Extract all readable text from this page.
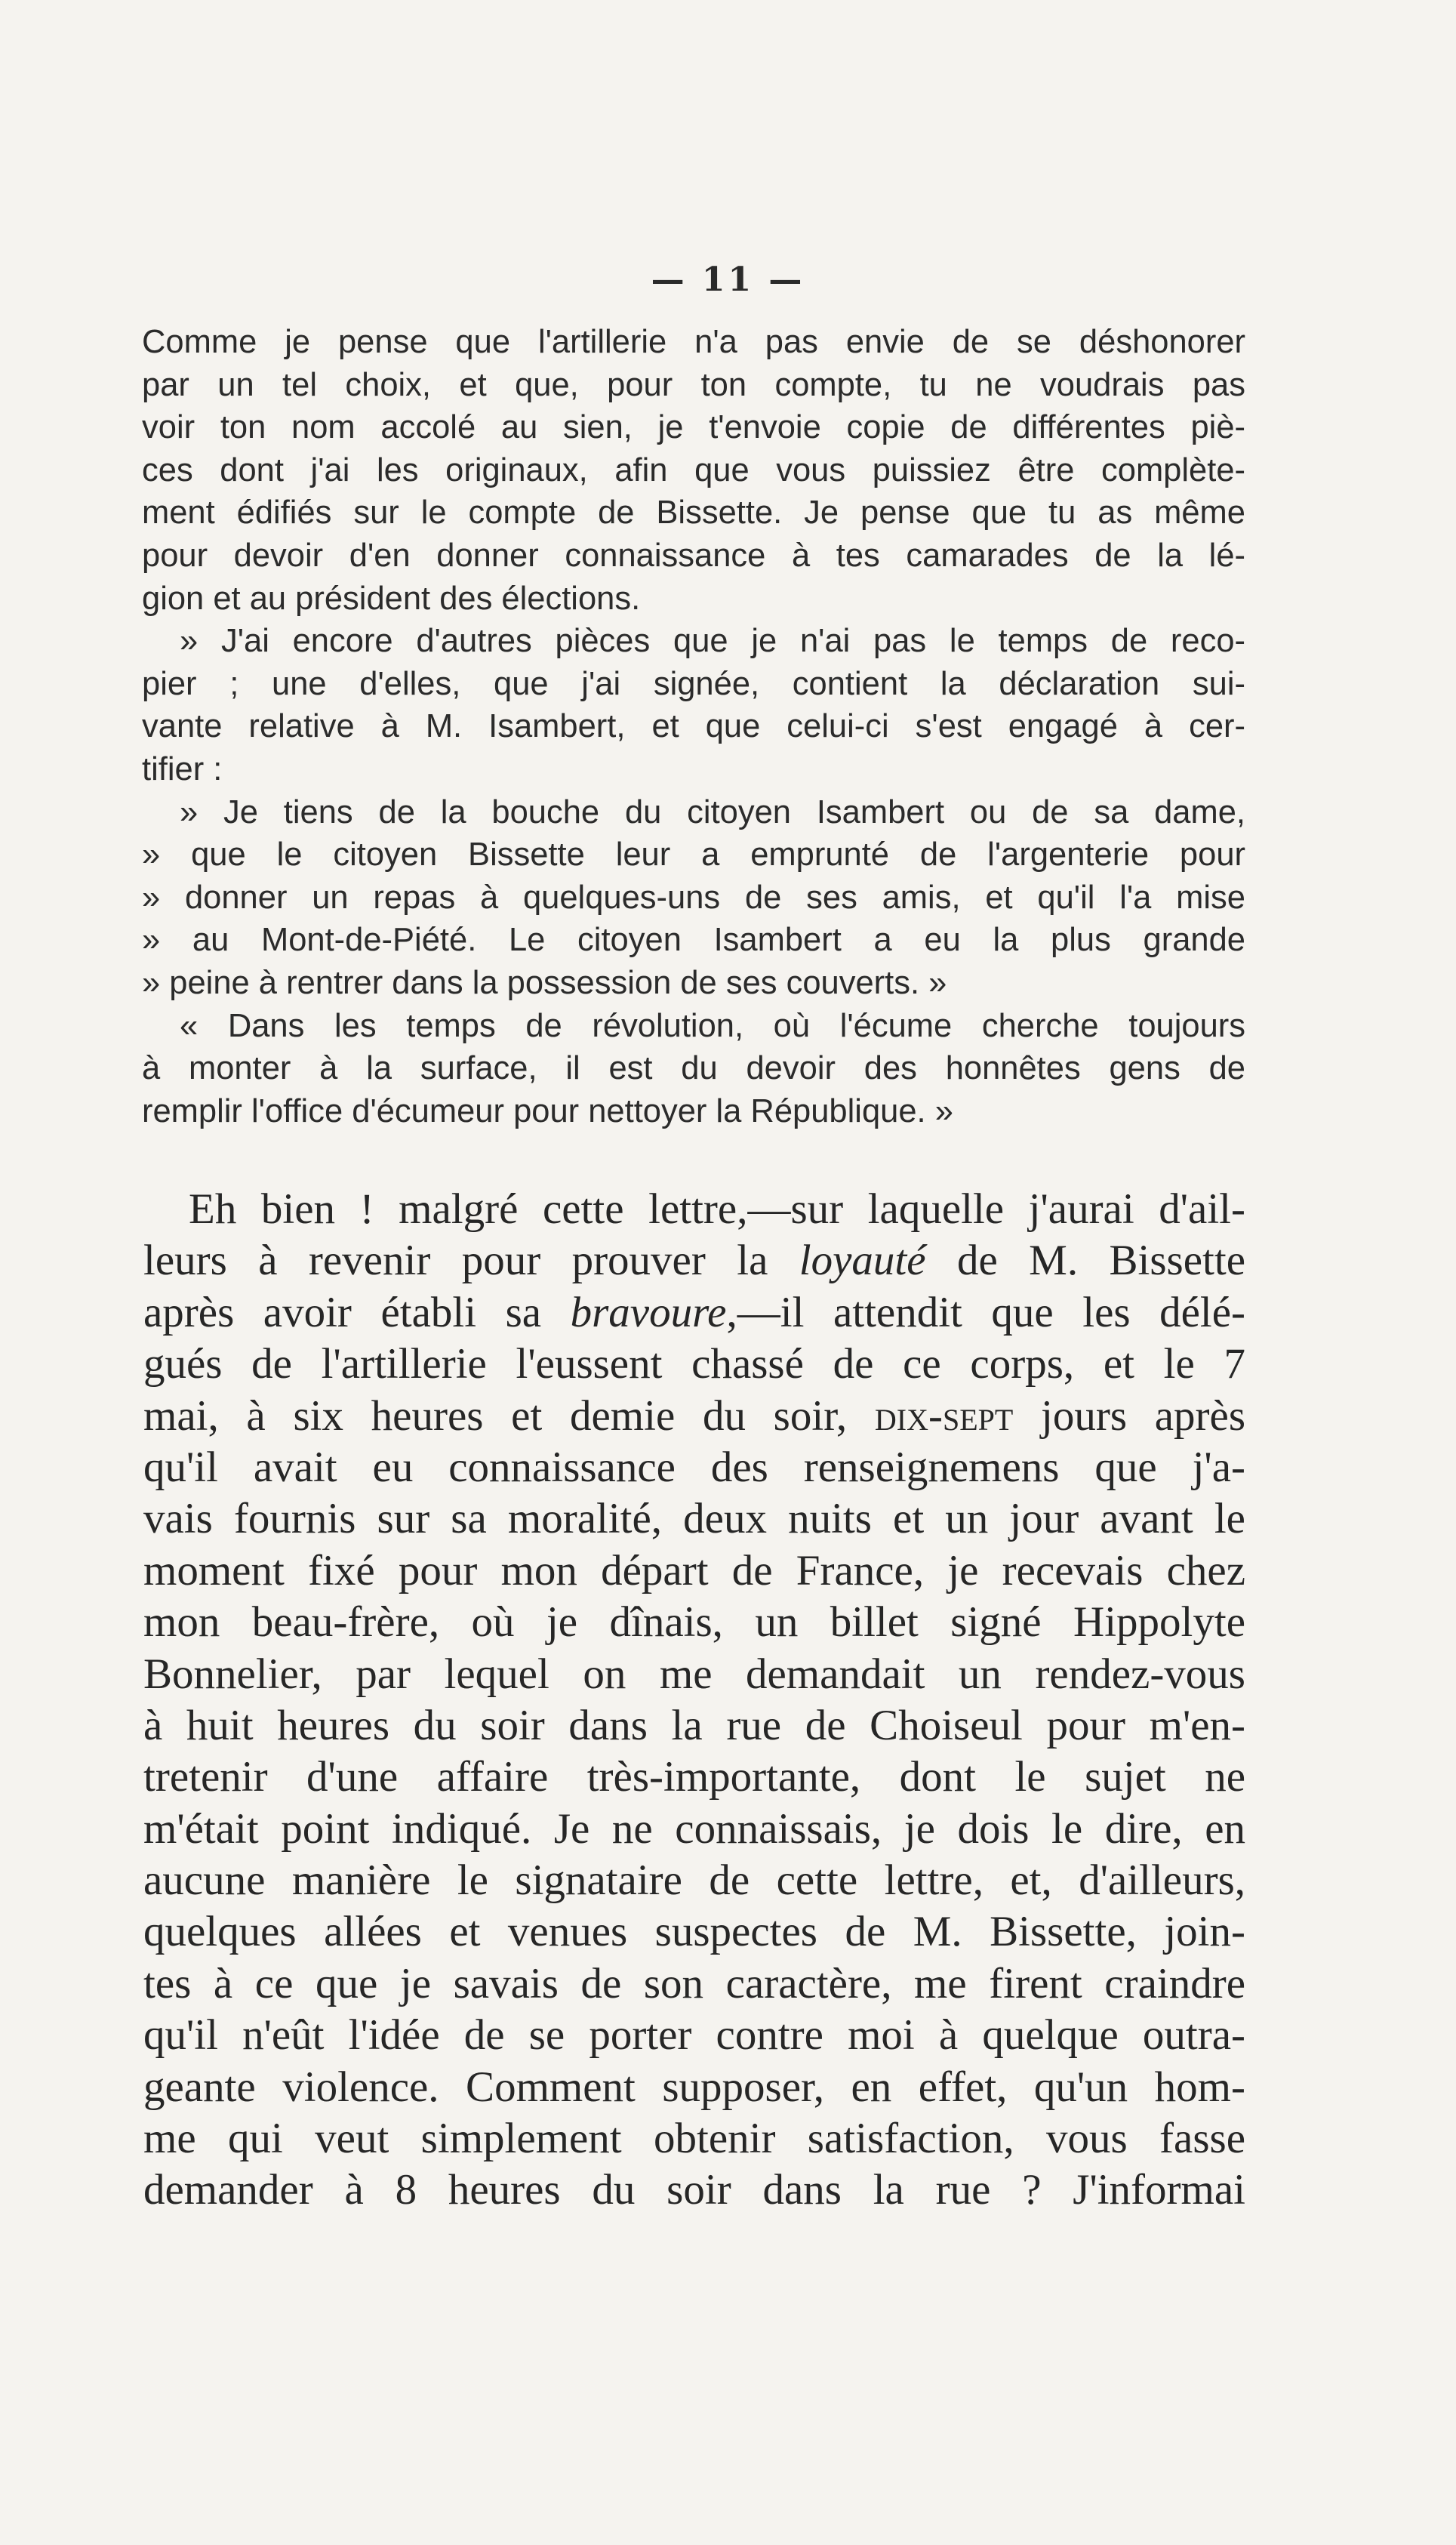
— 11 —
Comme je pense que l'artillerie n'a pas envie de se déshonorer
par un tel choix, et que, pour ton compte, tu ne voudrais pas
voir ton nom accolé au sien, je t'envoie copie de différentes piè-
ces dont j'ai les originaux, afin que vous puissiez être complète-
ment édifiés sur le compte de Bissette. Je pense que tu as même
pour devoir d'en donner connaissance à tes camarades de la lé-
gion et au président des élections.
» J'ai encore d'autres pièces que je n'ai pas le temps de reco-
pier ; une d'elles, que j'ai signée, contient la déclaration sui-
vante relative à M. Isambert, et que celui-ci s'est engagé à cer-
tifier :
» Je tiens de la bouche du citoyen Isambert ou de sa dame,
» que le citoyen Bissette leur a emprunté de l'argenterie pour
» donner un repas à quelques-uns de ses amis, et qu'il l'a mise
» au Mont-de-Piété. Le citoyen Isambert a eu la plus grande
» peine à rentrer dans la possession de ses couverts. »
« Dans les temps de révolution, où l'écume cherche toujours
à monter à la surface, il est du devoir des honnêtes gens de
remplir l'office d'écumeur pour nettoyer la République. »
Eh bien ! malgré cette lettre,—sur laquelle j'aurai d'ail-
leurs à revenir pour prouver la loyauté de M. Bissette
après avoir établi sa bravoure,—il attendit que les délé-
gués de l'artillerie l'eussent chassé de ce corps, et le 7
mai, à six heures et demie du soir, dix-sept jours après
qu'il avait eu connaissance des renseignemens que j'a-
vais fournis sur sa moralité, deux nuits et un jour avant le
moment fixé pour mon départ de France, je recevais chez
mon beau-frère, où je dînais, un billet signé Hippolyte
Bonnelier, par lequel on me demandait un rendez-vous
à huit heures du soir dans la rue de Choiseul pour m'en-
tretenir d'une affaire très-importante, dont le sujet ne
m'était point indiqué. Je ne connaissais, je dois le dire, en
aucune manière le signataire de cette lettre, et, d'ailleurs,
quelques allées et venues suspectes de M. Bissette, join-
tes à ce que je savais de son caractère, me firent craindre
qu'il n'eût l'idée de se porter contre moi à quelque outra-
geante violence. Comment supposer, en effet, qu'un hom-
me qui veut simplement obtenir satisfaction, vous fasse
demander à 8 heures du soir dans la rue ? J'informai
